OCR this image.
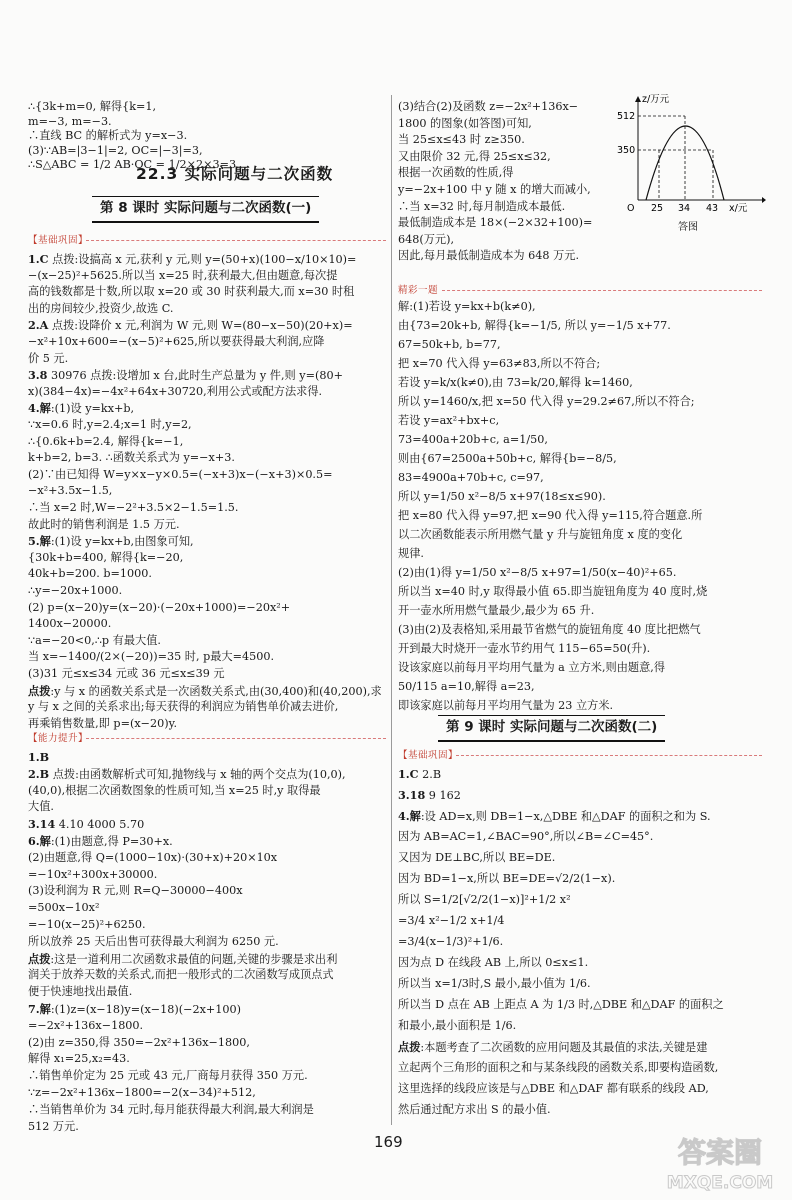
∴{3k+m=0, 解得{k=1,
m=−3, m=−3.
∴直线 BC 的解析式为 y=x−3.
(3)∵AB=|3−1|=2, OC=|−3|=3,
∴S△ABC = 1/2 AB·OC = 1/2×2×3=3.
22.3 实际问题与二次函数
第 8 课时 实际问题与二次函数(一)
【基础巩固】
1.C 点拨:设搞高 x 元,获利 y 元,则 y=(50+x)(100−x/10×10)=
−(x−25)²+5625.所以当 x=25 时,获利最大,但由题意,每次提
高的钱数都是十数,所以取 x=20 或 30 时获利最大,而 x=30 时租
出的房间较少,投资少,故选 C.
2.A 点拨:设降价 x 元,利润为 W 元,则 W=(80−x−50)(20+x)=
−x²+10x+600=−(x−5)²+625,所以要获得最大利润,应降
价 5 元.
3.8 30976 点拨:设增加 x 台,此时生产总量为 y 件,则 y=(80+
x)(384−4x)=−4x²+64x+30720,利用公式或配方法求得.
4.解:(1)设 y=kx+b,
∵x=0.6 时,y=2.4;x=1 时,y=2,
∴{0.6k+b=2.4, 解得{k=−1,
k+b=2, b=3. ∴函数关系式为 y=−x+3.
(2)∵由已知得 W=y×x−y×0.5=(−x+3)x−(−x+3)×0.5=
−x²+3.5x−1.5,
∴当 x=2 时,W=−2²+3.5×2−1.5=1.5.
故此时的销售利润是 1.5 万元.
5.解:(1)设 y=kx+b,由图象可知,
{30k+b=400, 解得{k=−20,
40k+b=200. b=1000.
∴y=−20x+1000.
(2) p=(x−20)y=(x−20)·(−20x+1000)=−20x²+
1400x−20000.
∵a=−20<0,∴p 有最大值.
当 x=−1400/(2×(−20))=35 时, p最大=4500.
(3)31 元≤x≤34 元或 36 元≤x≤39 元
点拨:y 与 x 的函数关系式是一次函数关系式,由(30,400)和(40,200),求
y 与 x 之间的关系求出;每天获得的利润应为销售单价减去进价,
再乘销售数量,即 p=(x−20)y.
【能力提升】
1.B
2.B 点拨:由函数解析式可知,抛物线与 x 轴的两个交点为(10,0),
(40,0),根据二次函数图象的性质可知,当 x=25 时,y 取得最
大值.
3.14 4.10 4000 5.70
6.解:(1)由题意,得 P=30+x.
(2)由题意,得 Q=(1000−10x)·(30+x)+20×10x
=−10x²+300x+30000.
(3)设利润为 R 元,则 R=Q−30000−400x
=500x−10x²
=−10(x−25)²+6250.
所以放养 25 天后出售可获得最大利润为 6250 元.
点拨:这是一道利用二次函数求最值的问题,关键的步骤是求出利
润关于放养天数的关系式,而把一般形式的二次函数写成顶点式
便于快速地找出最值.
7.解:(1)z=(x−18)y=(x−18)(−2x+100)
=−2x²+136x−1800.
(2)由 z=350,得 350=−2x²+136x−1800,
解得 x₁=25,x₂=43.
∴销售单价定为 25 元或 43 元,厂商每月获得 350 万元.
∵z=−2x²+136x−1800=−2(x−34)²+512,
∴当销售单价为 34 元时,每月能获得最大利润,最大利润是
512 万元.
(3)结合(2)及函数 z=−2x²+136x−
1800 的图象(如答图)可知,
当 25≤x≤43 时 z≥350.
又由限价 32 元,得 25≤x≤32,
根据一次函数的性质,得
y=−2x+100 中 y 随 x 的增大而减小,
∴当 x=32 时,每月制造成本最低.
最低制造成本是 18×(−2×32+100)=
648(万元),
因此,每月最低制造成本为 648 万元.
z/万元
512
350
O 25 34 43 x/元
答图
精彩一题
解:(1)若设 y=kx+b(k≠0),
由{73=20k+b, 解得{k=−1/5, 所以 y=−1/5 x+77.
67=50k+b, b=77,
把 x=70 代入得 y=63≠83,所以不符合;
若设 y=k/x(k≠0),由 73=k/20,解得 k=1460,
所以 y=1460/x,把 x=50 代入得 y=29.2≠67,所以不符合;
若设 y=ax²+bx+c,
73=400a+20b+c, a=1/50,
则由{67=2500a+50b+c, 解得{b=−8/5,
83=4900a+70b+c, c=97,
所以 y=1/50 x²−8/5 x+97(18≤x≤90).
把 x=80 代入得 y=97,把 x=90 代入得 y=115,符合题意.所
以二次函数能表示所用燃气量 y 升与旋钮角度 x 度的变化
规律.
(2)由(1)得 y=1/50 x²−8/5 x+97=1/50(x−40)²+65.
所以当 x=40 时,y 取得最小值 65.即当旋钮角度为 40 度时,烧
开一壶水所用燃气量最少,最少为 65 升.
(3)由(2)及表格知,采用最节省燃气的旋钮角度 40 度比把燃气
开到最大时烧开一壶水节约用气 115−65=50(升).
设该家庭以前每月平均用气量为 a 立方米,则由题意,得
50/115 a=10,解得 a=23,
即该家庭以前每月平均用气量为 23 立方米.
第 9 课时 实际问题与二次函数(二)
【基础巩固】
1.C 2.B
3.18 9 162
4.解:设 AD=x,则 DB=1−x,△DBE 和△DAF 的面积之和为 S.
因为 AB=AC=1,∠BAC=90°,所以∠B=∠C=45°.
又因为 DE⊥BC,所以 BE=DE.
因为 BD=1−x,所以 BE=DE=√2/2(1−x).
所以 S=1/2[√2/2(1−x)]²+1/2 x²
=3/4 x²−1/2 x+1/4
=3/4(x−1/3)²+1/6.
因为点 D 在线段 AB 上,所以 0≤x≤1.
所以当 x=1/3时,S 最小,最小值为 1/6.
所以当 D 点在 AB 上距点 A 为 1/3 时,△DBE 和△DAF 的面积之
和最小,最小面积是 1/6.
点拨:本题考查了二次函数的应用问题及其最值的求法,关键是建
立起两个三角形的面积之和与某条线段的函数关系,即要构造函数,
这里选择的线段应该是与△DBE 和△DAF 都有联系的线段 AD,
然后通过配方求出 S 的最小值.
169	答案圈
MXQE.COM
